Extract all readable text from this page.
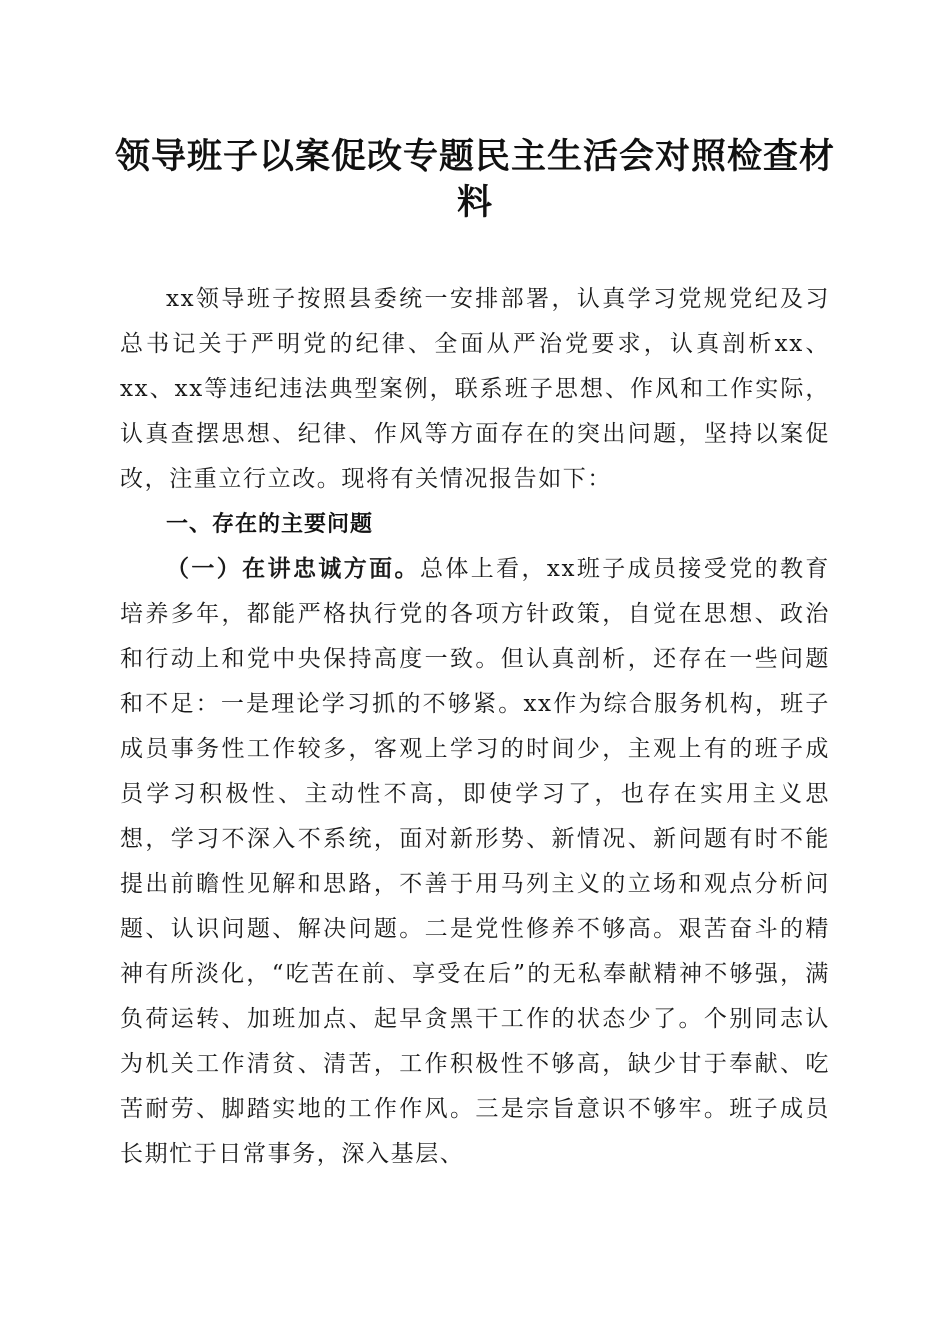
领导班子以案促改专题民主生活会对照检查材料

xx领导班子按照县委统一安排部署，认真学习党规党纪及习总书记关于严明党的纪律、全面从严治党要求，认真剖析xx、xx、xx等违纪违法典型案例，联系班子思想、作风和工作实际，认真查摆思想、纪律、作风等方面存在的突出问题，坚持以案促改，注重立行立改。现将有关情况报告如下：

一、存在的主要问题

（一）在讲忠诚方面。总体上看，xx班子成员接受党的教育培养多年，都能严格执行党的各项方针政策，自觉在思想、政治和行动上和党中央保持高度一致。但认真剖析，还存在一些问题和不足：一是理论学习抓的不够紧。xx作为综合服务机构，班子成员事务性工作较多，客观上学习的时间少，主观上有的班子成员学习积极性、主动性不高，即使学习了，也存在实用主义思想，学习不深入不系统，面对新形势、新情况、新问题有时不能提出前瞻性见解和思路，不善于用马列主义的立场和观点分析问题、认识问题、解决问题。二是党性修养不够高。艰苦奋斗的精神有所淡化，“吃苦在前、享受在后”的无私奉献精神不够强，满负荷运转、加班加点、起早贪黑干工作的状态少了。个别同志认为机关工作清贫、清苦，工作积极性不够高，缺少甘于奉献、吃苦耐劳、脚踏实地的工作作风。三是宗旨意识不够牢。班子成员长期忙于日常事务，深入基层、
